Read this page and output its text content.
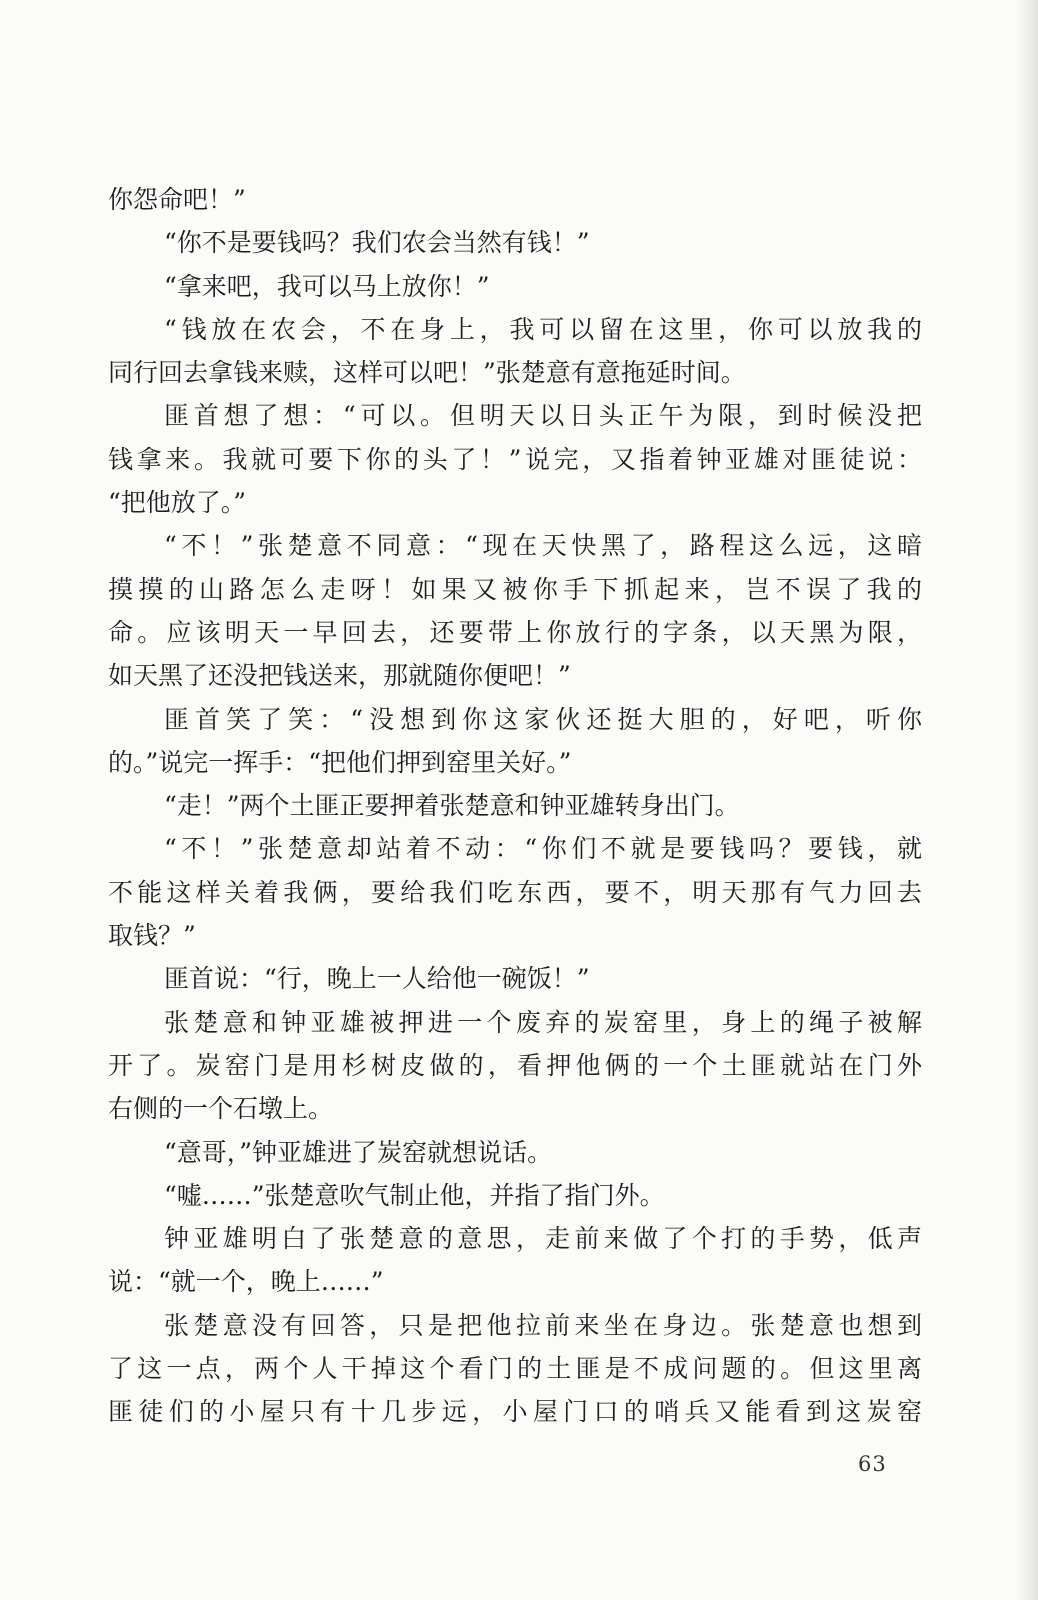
你怨命吧！”
“你不是要钱吗？我们农会当然有钱！”
“拿来吧，我可以马上放你！”
“钱放在农会，不在身上，我可以留在这里，你可以放我的
同行回去拿钱来赎，这样可以吧！”张楚意有意拖延时间。
匪首想了想：“可以。但明天以日头正午为限，到时候没把
钱拿来。我就可要下你的头了！”说完，又指着钟亚雄对匪徒说：
“把他放了。”
“不！”张楚意不同意：“现在天快黑了，路程这么远，这暗
摸摸的山路怎么走呀！如果又被你手下抓起来，岂不误了我的
命。应该明天一早回去，还要带上你放行的字条，以天黑为限，
如天黑了还没把钱送来，那就随你便吧！”
匪首笑了笑：“没想到你这家伙还挺大胆的，好吧，听你
的。”说完一挥手：“把他们押到窑里关好。”
“走！”两个土匪正要押着张楚意和钟亚雄转身出门。
“不！”张楚意却站着不动：“你们不就是要钱吗？要钱，就
不能这样关着我俩，要给我们吃东西，要不，明天那有气力回去
取钱？”
匪首说：“行，晚上一人给他一碗饭！”
张楚意和钟亚雄被押进一个废弃的炭窑里，身上的绳子被解
开了。炭窑门是用杉树皮做的，看押他俩的一个土匪就站在门外
右侧的一个石墩上。
“意哥，”钟亚雄进了炭窑就想说话。
“嘘……”张楚意吹气制止他，并指了指门外。
钟亚雄明白了张楚意的意思，走前来做了个打的手势，低声
说：“就一个，晚上……”
张楚意没有回答，只是把他拉前来坐在身边。张楚意也想到
了这一点，两个人干掉这个看门的土匪是不成问题的。但这里离
匪徒们的小屋只有十几步远，小屋门口的哨兵又能看到这炭窑
63
